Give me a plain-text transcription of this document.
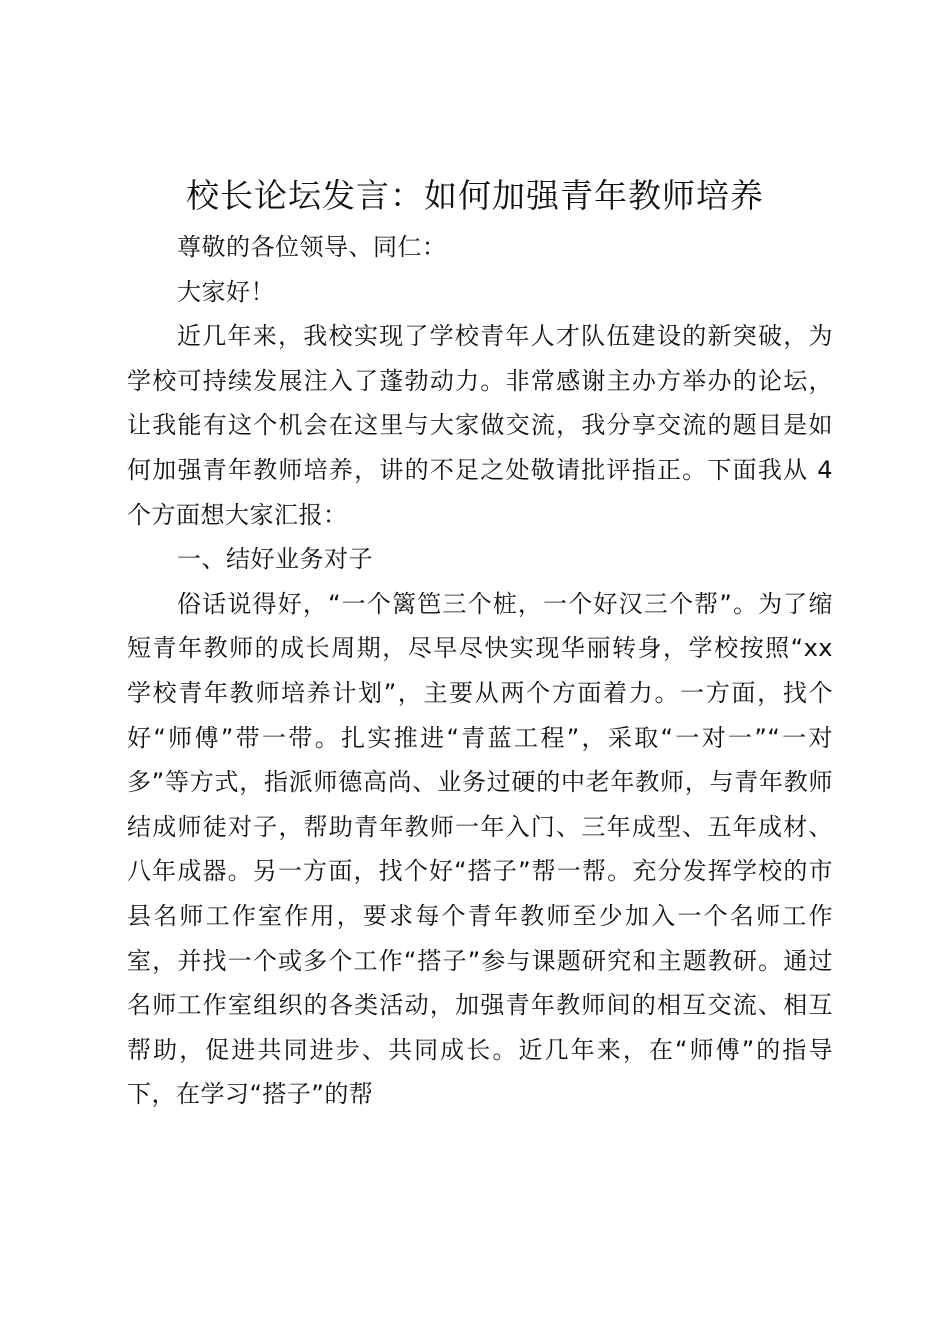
校长论坛发言：如何加强青年教师培养

尊敬的各位领导、同仁：

大家好！

近几年来，我校实现了学校青年人才队伍建设的新突破，为学校可持续发展注入了蓬勃动力。非常感谢主办方举办的论坛，让我能有这个机会在这里与大家做交流，我分享交流的题目是如何加强青年教师培养，讲的不足之处敬请批评指正。下面我从 4 个方面想大家汇报：

一、结好业务对子

俗话说得好，“一个篱笆三个桩，一个好汉三个帮”。为了缩短青年教师的成长周期，尽早尽快实现华丽转身，学校按照“xx 学校青年教师培养计划”，主要从两个方面着力。一方面，找个好“师傅”带一带。扎实推进“青蓝工程”，采取“一对一”“一对多”等方式，指派师德高尚、业务过硬的中老年教师，与青年教师结成师徒对子，帮助青年教师一年入门、三年成型、五年成材、八年成器。另一方面，找个好“搭子”帮一帮。充分发挥学校的市县名师工作室作用，要求每个青年教师至少加入一个名师工作室，并找一个或多个工作“搭子”参与课题研究和主题教研。通过名师工作室组织的各类活动，加强青年教师间的相互交流、相互帮助，促进共同进步、共同成长。近几年来，在“师傅”的指导下，在学习“搭子”的帮
